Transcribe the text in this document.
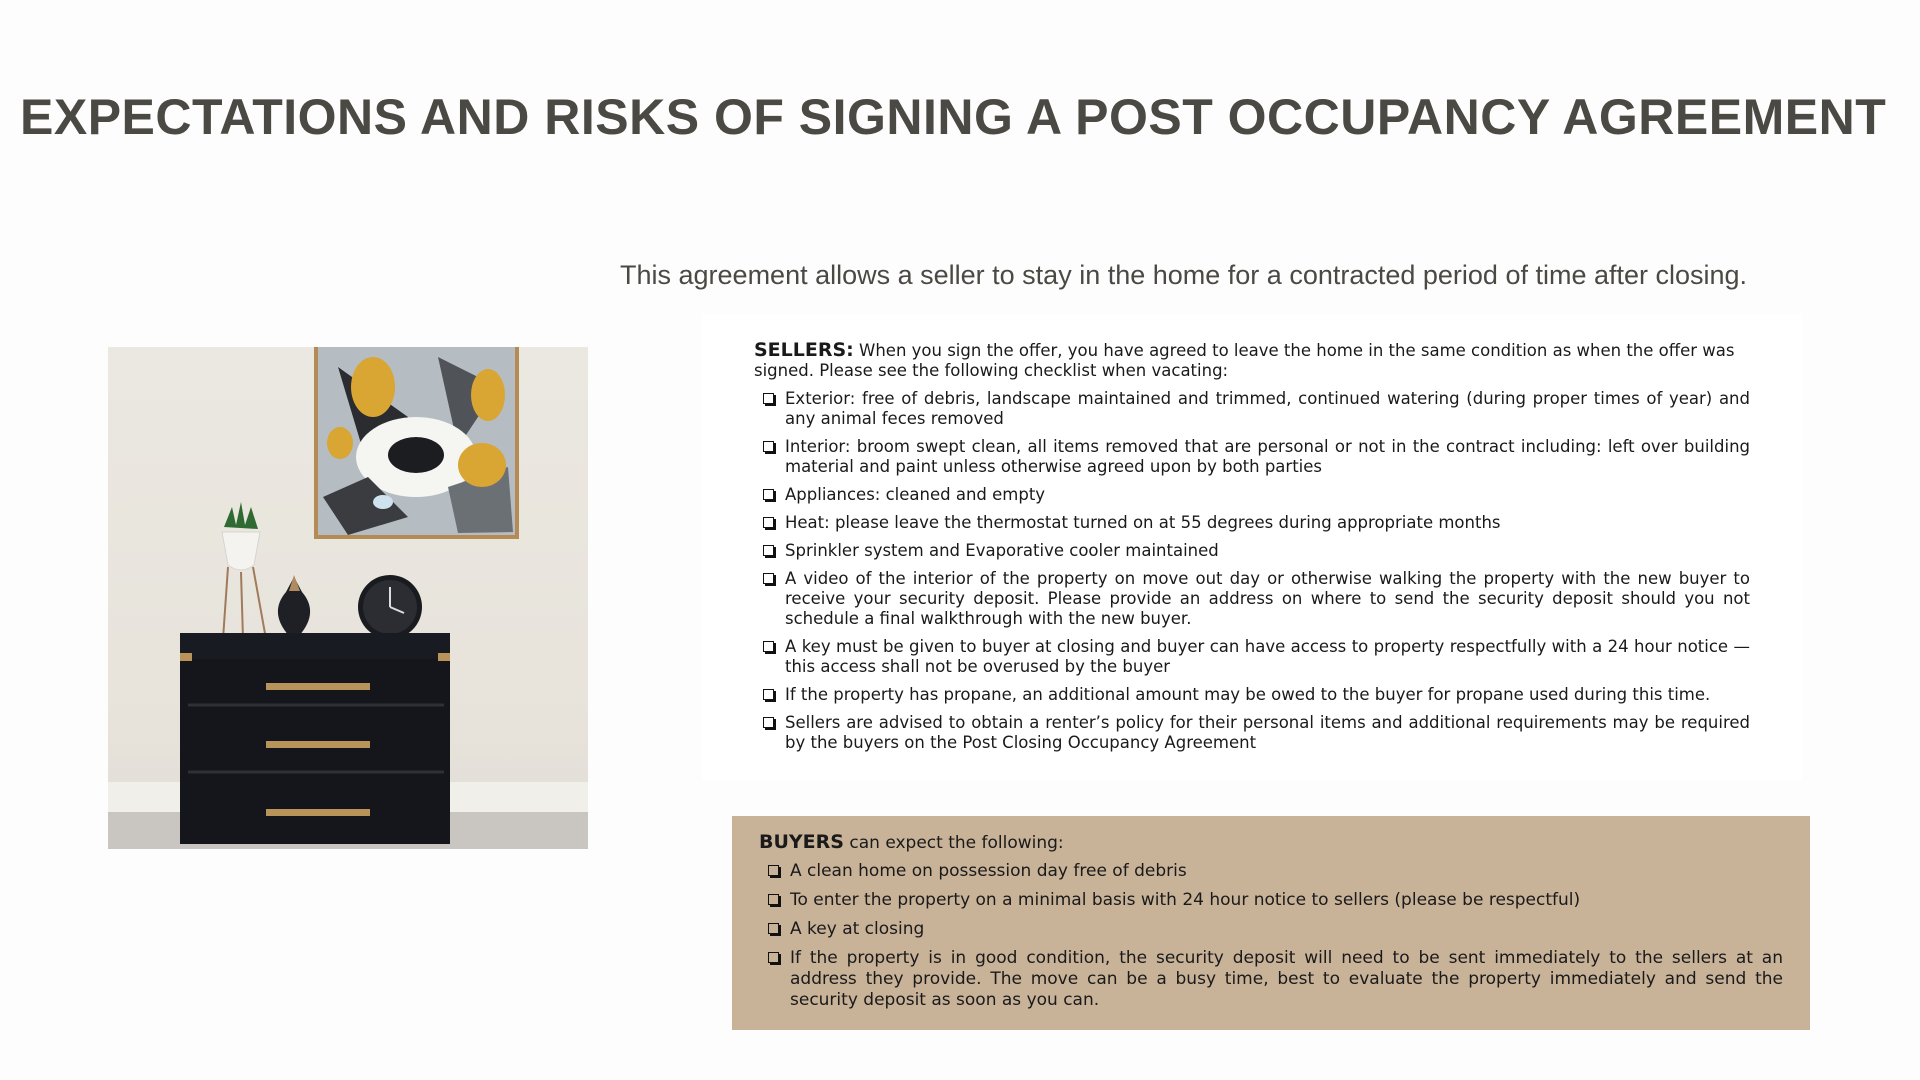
EXPECTATIONS AND RISKS OF SIGNING A POST OCCUPANCY AGREEMENT

This agreement allows a seller to stay in the home for a contracted period of time after closing.

SELLERS: When you sign the offer, you have agreed to leave the home in the same condition as when the offer was signed. Please see the following checklist when vacating:

Exterior: free of debris, landscape maintained and trimmed, continued watering (during proper times of year) and any animal feces removed
Interior: broom swept clean, all items removed that are personal or not in the contract including: left over building material and paint unless otherwise agreed upon by both parties
Appliances: cleaned and empty
Heat: please leave the thermostat turned on at 55 degrees during appropriate months
Sprinkler system and Evaporative cooler maintained
A video of the interior of the property on move out day or otherwise walking the property with the new buyer to receive your security deposit. Please provide an address on where to send the security deposit should you not schedule a final walkthrough with the new buyer.
A key must be given to buyer at closing and buyer can have access to property respectfully with a 24 hour notice — this access shall not be overused by the buyer
If the property has propane, an additional amount may be owed to the buyer for propane used during this time.
Sellers are advised to obtain a renter’s policy for their personal items and additional requirements may be required by the buyers on the Post Closing Occupancy Agreement

BUYERS can expect the following:

A clean home on possession day free of debris
To enter the property on a minimal basis with 24 hour notice to sellers (please be respectful)
A key at closing
If the property is in good condition, the security deposit will need to be sent immediately to the sellers at an address they provide. The move can be a busy time, best to evaluate the property immediately and send the security deposit as soon as you can.
